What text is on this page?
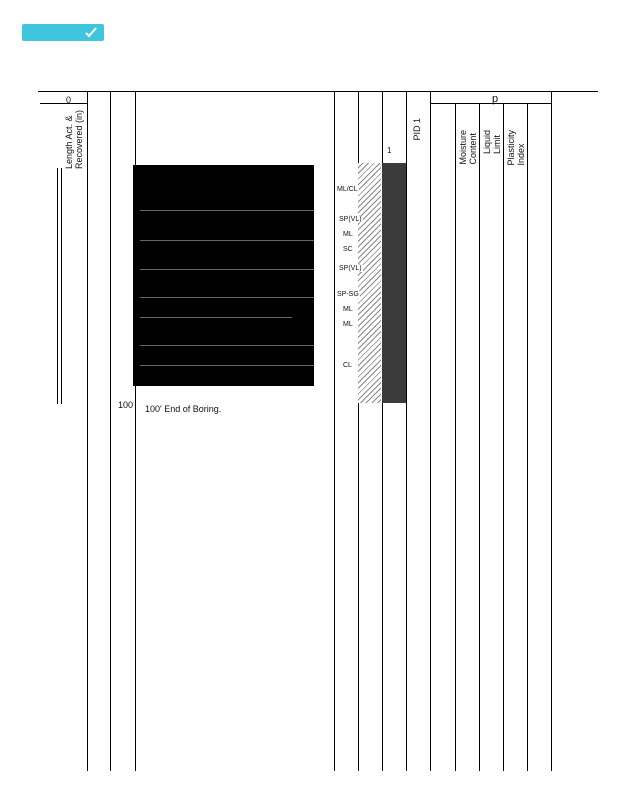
0	p
Length Act. &
Recovered (in)
PID 1
Moisture
Content Liquid
Limit Plasticity
Index
1
ML/CL
SP(VL)
ML
SC
SP(VL)
SP-SG
ML
ML
CL
100 100' End of Boring.
